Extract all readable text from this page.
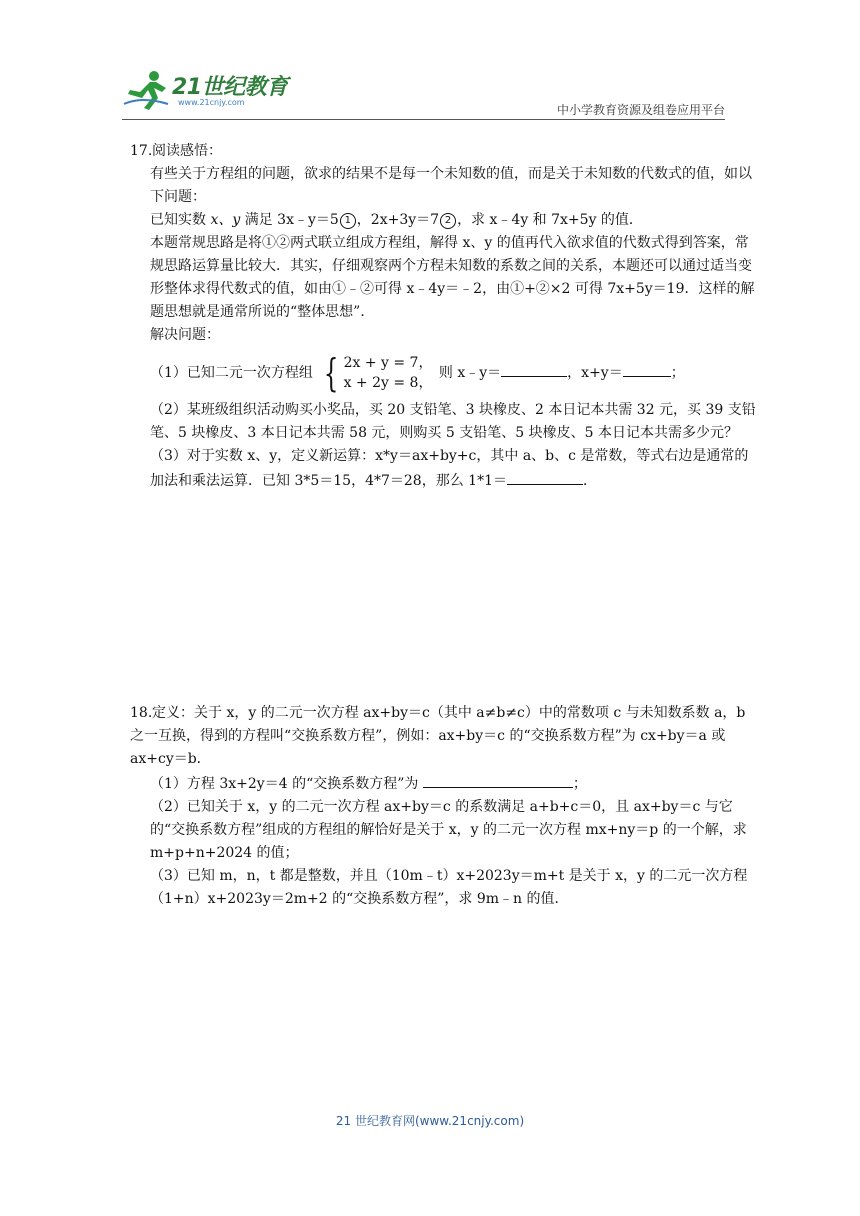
21世纪教育
www.21cnjy.com
中小学教育资源及组卷应用平台

17.阅读感悟：

有些关于方程组的问题，欲求的结果不是每一个未知数的值，而是关于未知数的代数式的值，如以下问题：

已知实数 x、y 满足 3x﹣y＝5 1 ，2x+3y＝7 2 ，求 x﹣4y 和 7x+5y 的值．

本题常规思路是将①②两式联立组成方程组，解得 x、y 的值再代入欲求值的代数式得到答案，常规思路运算量比较大．其实，仔细观察两个方程未知数的系数之间的关系，本题还可以通过适当变形整体求得代数式的值，如由①﹣②可得 x﹣4y＝﹣2，由①+②×2 可得 7x+5y＝19．这样的解题思想就是通常所说的“整体思想”．

解决问题：

（1）已知二元一次方程组 { 2x + y = 7，
x + 2y = 8，
则 x﹣y＝	，x+y＝	；

（2）某班级组织活动购买小奖品，买 20 支铅笔、3 块橡皮、2 本日记本共需 32 元，买 39 支铅笔、5 块橡皮、3 本日记本共需 58 元，则购买 5 支铅笔、5 块橡皮、5 本日记本共需多少元？

（3）对于实数 x、y，定义新运算：x*y＝ax+by+c，其中 a、b、c 是常数，等式右边是通常的加法和乘法运算．已知 3*5＝15，4*7＝28，那么 1*1＝	．

18.定义：关于 x，y 的二元一次方程 ax+by＝c（其中 a≠b≠c）中的常数项 c 与未知数系数 a，b 之一互换，得到的方程叫“交换系数方程”，例如：ax+by＝c 的“交换系数方程”为 cx+by＝a 或 ax+cy＝b．

（1）方程 3x+2y＝4 的“交换系数方程”为	；

（2）已知关于 x，y 的二元一次方程 ax+by＝c 的系数满足 a+b+c＝0，且 ax+by＝c 与它的“交换系数方程”组成的方程组的解恰好是关于 x，y 的二元一次方程 mx+ny＝p 的一个解，求 m+p+n+2024 的值；

（3）已知 m，n，t 都是整数，并且（10m﹣t）x+2023y＝m+t 是关于 x，y 的二元一次方程（1+n）x+2023y＝2m+2 的“交换系数方程”，求 9m﹣n 的值．

21 世纪教育网(www.21cnjy.com)
